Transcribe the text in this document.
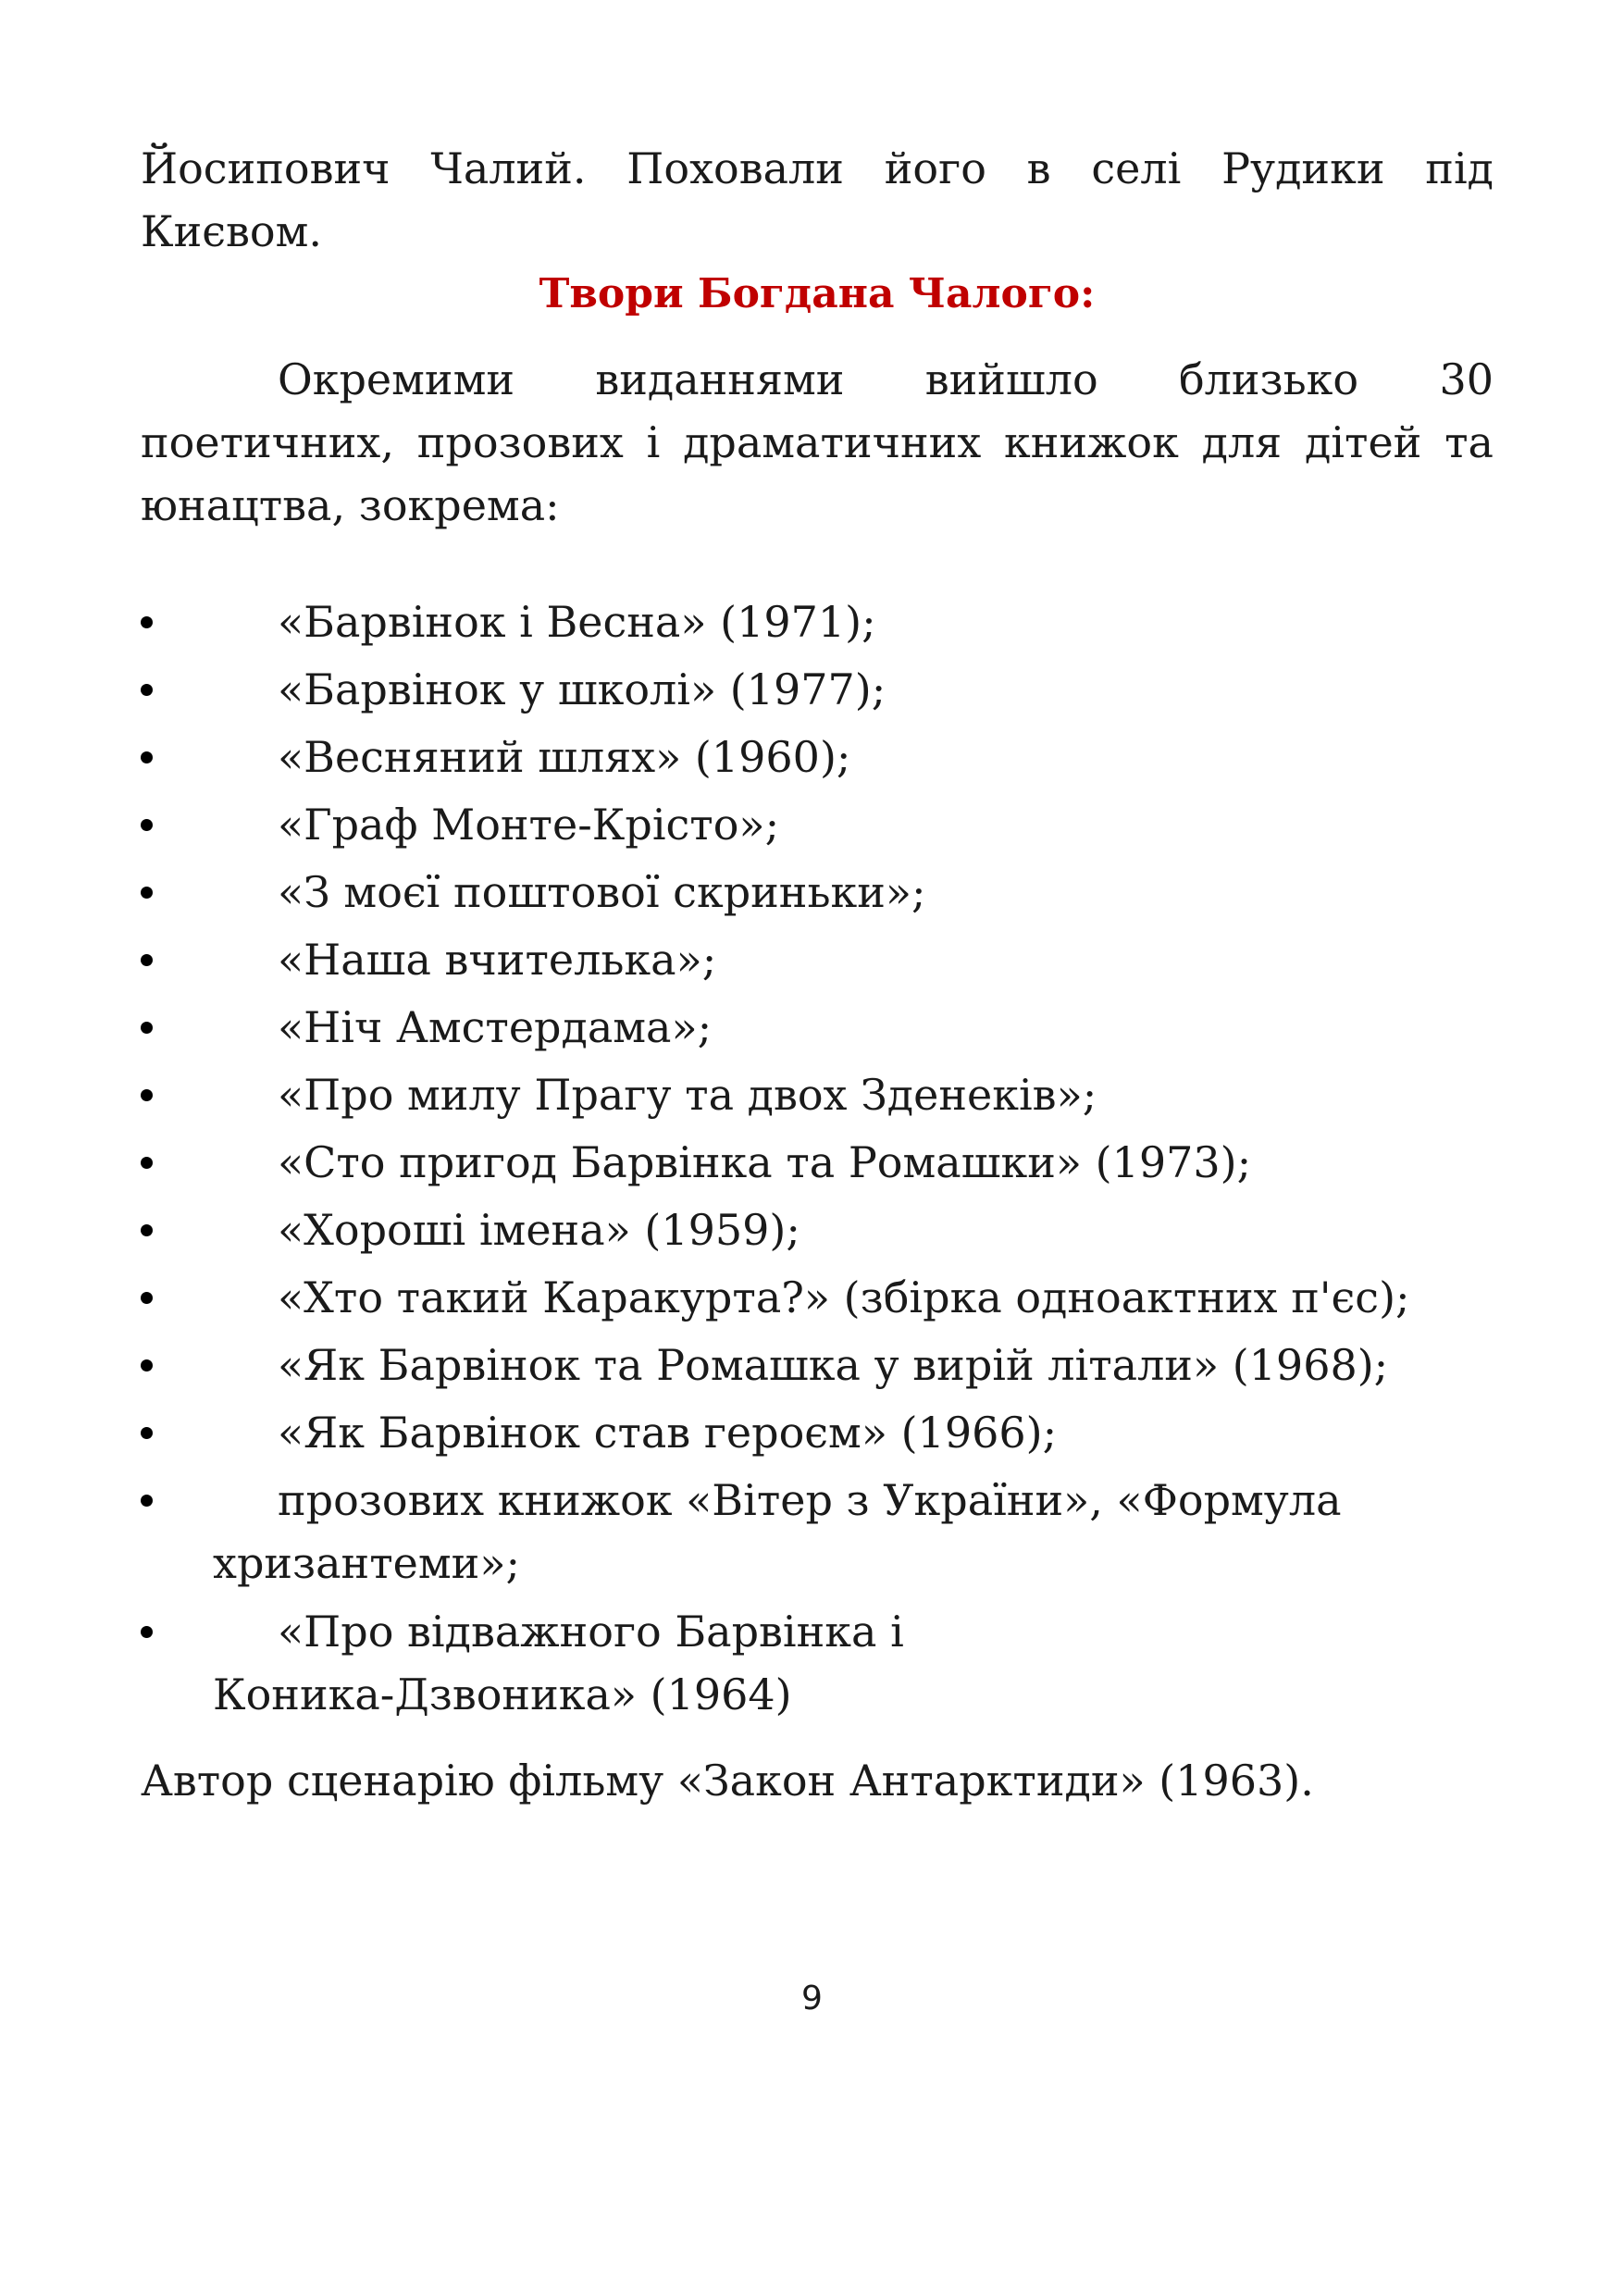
Йосипович Чалий. Поховали його в селі Рудики під Києвом.

Твори Богдана Чалого:
Окремими виданнями вийшло близько 30
поетичних, прозових і драматичних книжок для дітей та юнацтва, зокрема:
«Барвінок і Весна» (1971);
«Барвінок у школі» (1977);
«Весняний шлях» (1960);
«Граф Монте-Крісто»;
«З моєї поштової скриньки»;
«Наша вчителька»;
«Ніч Амстердама»;
«Про милу Прагу та двох Зденеків»;
«Сто пригод Барвінка та Ромашки» (1973);
«Хороші імена» (1959);
«Хто такий Каракурта?» (збірка одноактних п'єс);
«Як Барвінок та Ромашка у вирій літали» (1968);
«Як Барвінок став героєм» (1966);
прозових книжок «Вітер з України», «Формула хризантеми»;
«Про відважного Барвінка і Коника-Дзвоника» (1964)

Автор сценарію фільму «Закон Антарктиди» (1963).

9
